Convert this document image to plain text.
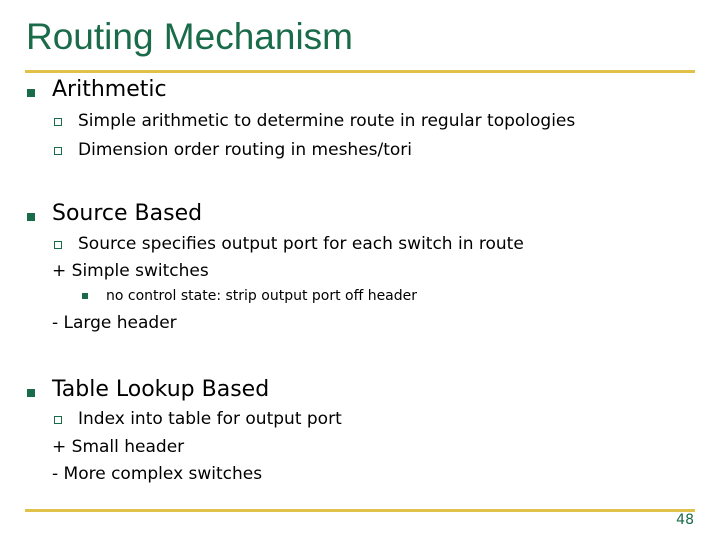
Routing Mechanism
Arithmetic
Simple arithmetic to determine route in regular topologies
Dimension order routing in meshes/tori
Source Based
Source specifies output port for each switch in route
+ Simple switches
no control state: strip output port off header
- Large header
Table Lookup Based
Index into table for output port
+ Small header
- More complex switches
48
